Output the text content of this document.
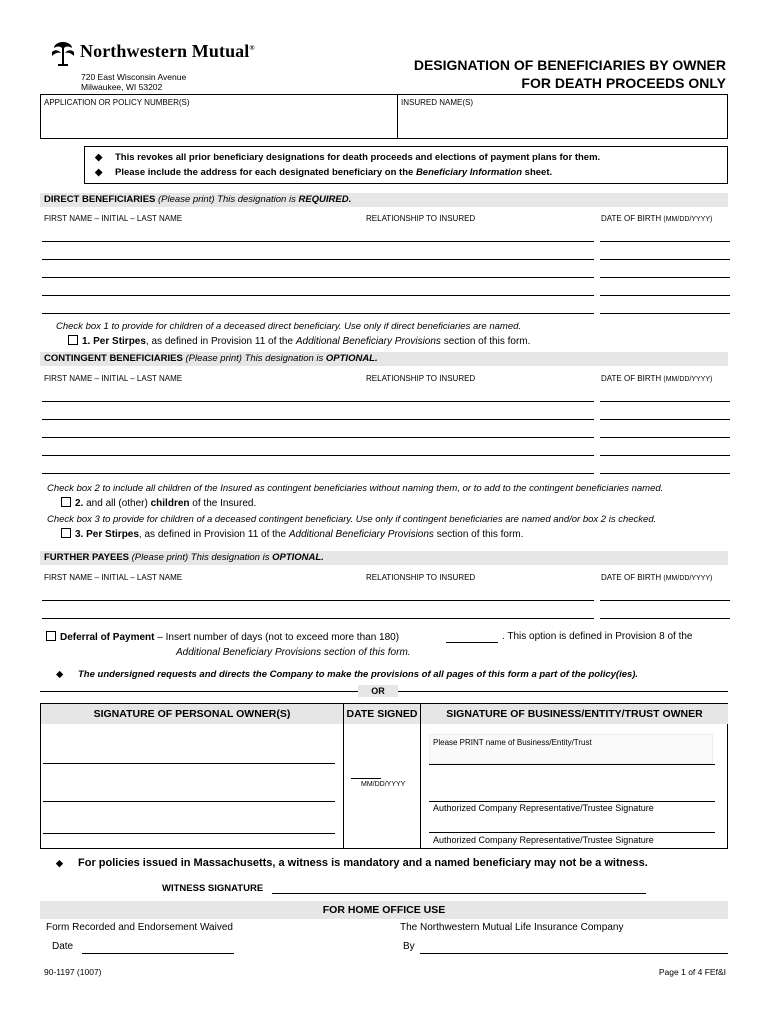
Northwestern Mutual®
720 East Wisconsin Avenue
Milwaukee, WI 53202
DESIGNATION OF BENEFICIARIES BY OWNER
FOR DEATH PROCEEDS ONLY
APPLICATION OR POLICY NUMBER(S)	INSURED NAME(S)
◆ This revokes all prior beneficiary designations for death proceeds and elections of payment plans for them.
◆ Please include the address for each designated beneficiary on the Beneficiary Information sheet.
DIRECT BENEFICIARIES (Please print) This designation is REQUIRED.
FIRST NAME – INITIAL – LAST NAME	RELATIONSHIP TO INSURED	DATE OF BIRTH (MM/DD/YYYY)
Check box 1 to provide for children of a deceased direct beneficiary. Use only if direct beneficiaries are named.
1. Per Stirpes, as defined in Provision 11 of the Additional Beneficiary Provisions section of this form.
CONTINGENT BENEFICIARIES (Please print) This designation is OPTIONAL.
FIRST NAME – INITIAL – LAST NAME	RELATIONSHIP TO INSURED	DATE OF BIRTH (MM/DD/YYYY)
Check box 2 to include all children of the Insured as contingent beneficiaries without naming them, or to add to the contingent beneficiaries named.
2. and all (other) children of the Insured.
Check box 3 to provide for children of a deceased contingent beneficiary. Use only if contingent beneficiaries are named and/or box 2 is checked.
3. Per Stirpes, as defined in Provision 11 of the Additional Beneficiary Provisions section of this form.
FURTHER PAYEES (Please print) This designation is OPTIONAL.
FIRST NAME – INITIAL – LAST NAME	RELATIONSHIP TO INSURED	DATE OF BIRTH (MM/DD/YYYY)
Deferral of Payment – Insert number of days (not to exceed more than 180)	. This option is defined in Provision 8 of the
Additional Beneficiary Provisions section of this form.
◆ The undersigned requests and directs the Company to make the provisions of all pages of this form a part of the policy(ies).
OR
SIGNATURE OF PERSONAL OWNER(S)	DATE SIGNED	SIGNATURE OF BUSINESS/ENTITY/TRUST OWNER
MM/DD/YYYY
Please PRINT name of Business/Entity/Trust
Authorized Company Representative/Trustee Signature
Authorized Company Representative/Trustee Signature
◆ For policies issued in Massachusetts, a witness is mandatory and a named beneficiary may not be a witness.
WITNESS SIGNATURE
FOR HOME OFFICE USE
Form Recorded and Endorsement Waived	The Northwestern Mutual Life Insurance Company
Date	By
90-1197 (1007)	Page 1 of 4 FEf&I
